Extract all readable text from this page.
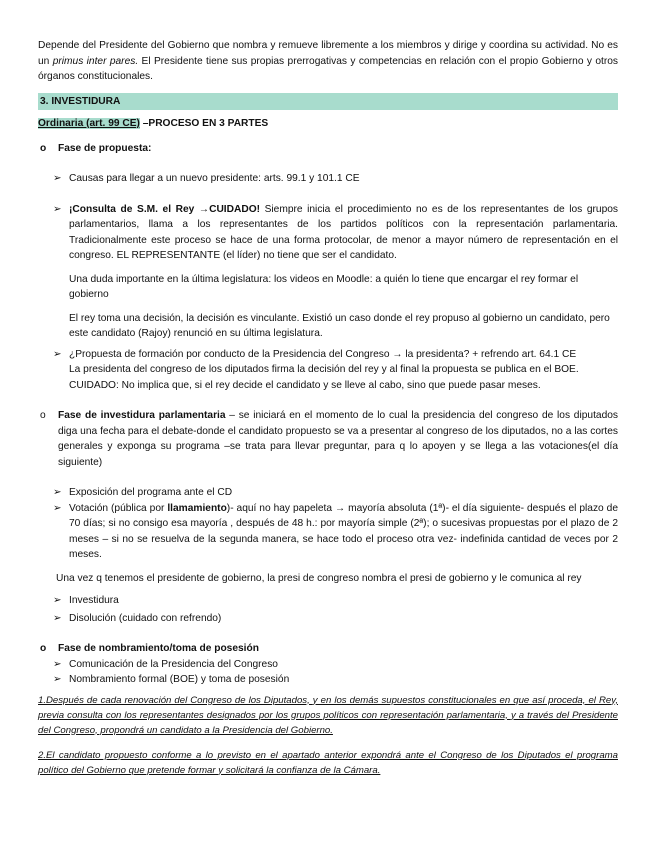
Depende del Presidente del Gobierno que nombra y remueve libremente a los miembros y dirige y coordina su actividad. No es un primus inter pares. El Presidente tiene sus propias prerrogativas y competencias en relación con el propio Gobierno y otros órganos constitucionales.

3. INVESTIDURA

Ordinaria (art. 99 CE) –PROCESO EN 3 PARTES

o Fase de propuesta:

➢ Causas para llegar a un nuevo presidente: arts. 99.1 y 101.1 CE

➢ ¡Consulta de S.M. el Rey →CUIDADO! Siempre inicia el procedimiento no es de los representantes de los grupos parlamentarios, llama a los representantes de los partidos políticos con la representación parlamentaria. Tradicionalmente este proceso se hace de una forma protocolar, de menor a mayor número de representación en el congreso. EL REPRESENTANTE (el líder) no tiene que ser el candidato.

Una duda importante en la última legislatura: los videos en Moodle: a quién lo tiene que encargar el rey formar el gobierno

El rey toma una decisión, la decisión es vinculante. Existió un caso donde el rey propuso al gobierno un candidato, pero este candidato (Rajoy) renunció en su última legislatura.

➢ ¿Propuesta de formación por conducto de la Presidencia del Congreso → la presidenta? + refrendo art. 64.1 CE
La presidenta del congreso de los diputados firma la decisión del rey y al final la propuesta se publica en el BOE.
CUIDADO: No implica que, si el rey decide el candidato y se lleve al cabo, sino que puede pasar meses.

o Fase de investidura parlamentaria – se iniciará en el momento de lo cual la presidencia del congreso de los diputados diga una fecha para el debate-donde el candidato propuesto se va a presentar al congreso de los diputados, no a las cortes generales y exponga su programa –se trata para llevar preguntar, para q lo apoyen y se llega a las votaciones(el día siguiente)

➢ Exposición del programa ante el CD

➢ Votación (pública por llamamiento)- aquí no hay papeleta → mayoría absoluta (1ª)- el día siguiente- después el plazo de 70 días; si no consigo esa mayoría , después de 48 h.: por mayoría simple (2ª); o sucesivas propuestas por el plazo de 2 meses – si no se resuelva de la segunda manera, se hace todo el proceso otra vez- indefinida cantidad de veces por 2 meses.

Una vez q tenemos el presidente de gobierno, la presi de congreso nombra el presi de gobierno y le comunica al rey

➢ Investidura

➢ Disolución (cuidado con refrendo)

o Fase de nombramiento/toma de posesión

➢ Comunicación de la Presidencia del Congreso

➢ Nombramiento formal (BOE) y toma de posesión

1.Después de cada renovación del Congreso de los Diputados, y en los demás supuestos constitucionales en que así proceda, el Rey, previa consulta con los representantes designados por los grupos políticos con representación parlamentaria, y a través del Presidente del Congreso, propondrá un candidato a la Presidencia del Gobierno.

2.El candidato propuesto conforme a lo previsto en el apartado anterior expondrá ante el Congreso de los Diputados el programa político del Gobierno que pretende formar y solicitará la confianza de la Cámara.
